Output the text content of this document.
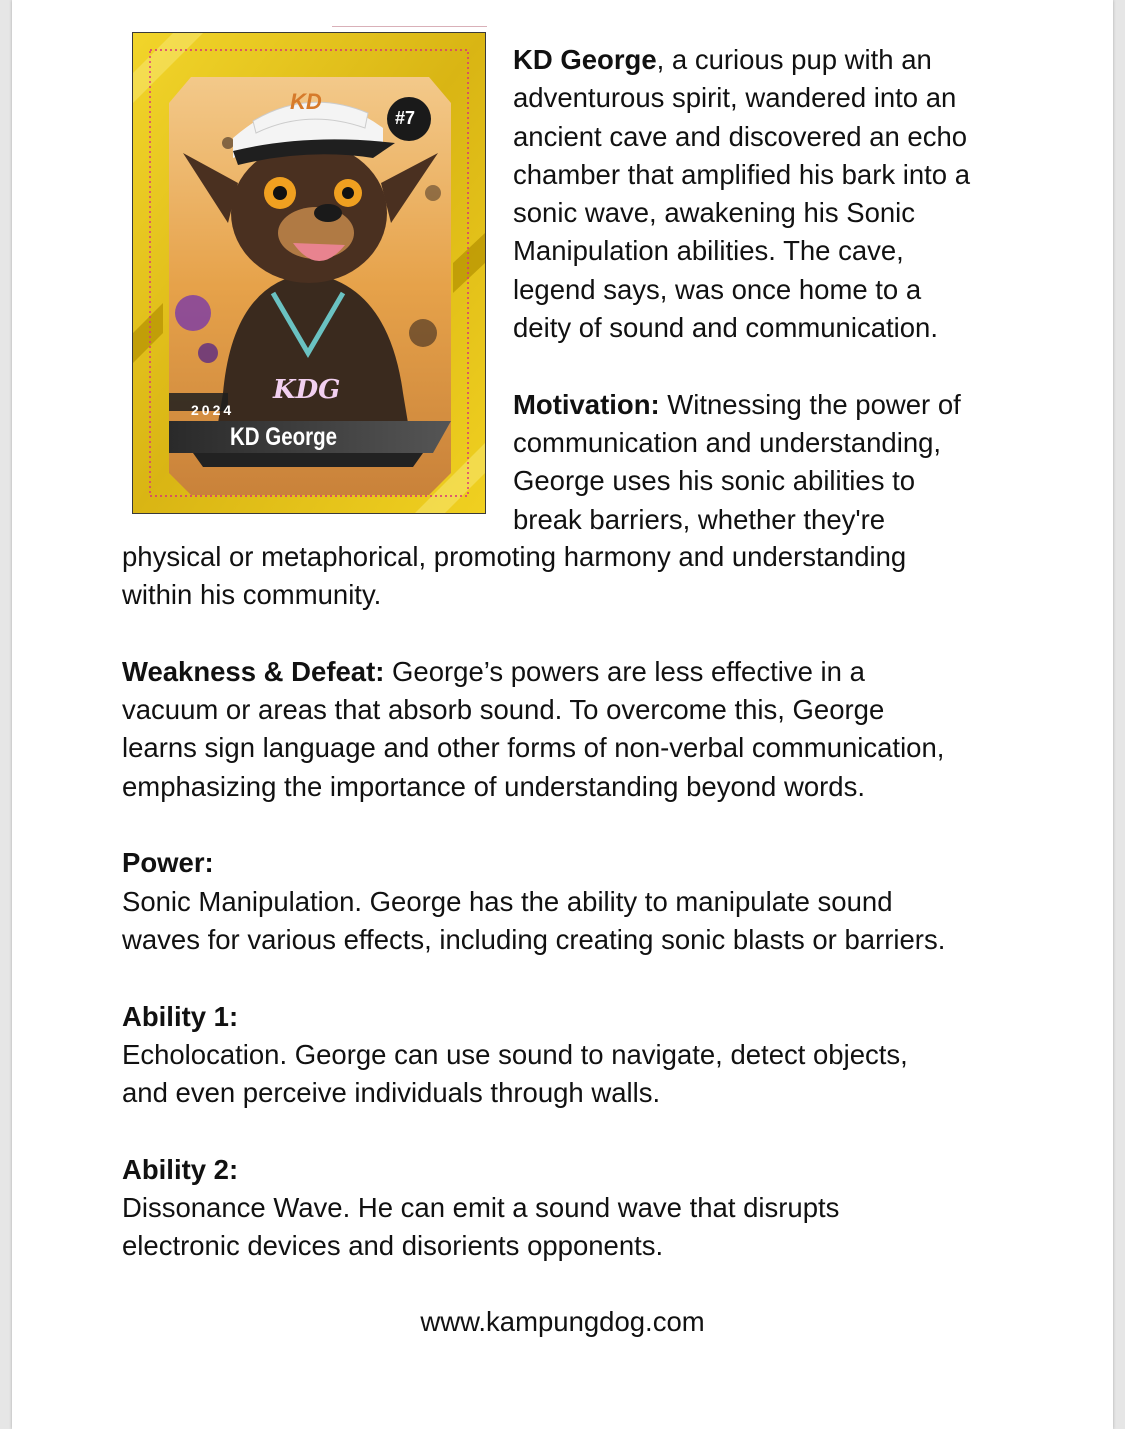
KD
#7
KDG
2024
KD George
KD George, a curious pup with an
adventurous spirit, wandered into an
ancient cave and discovered an echo
chamber that amplified his bark into a
sonic wave, awakening his Sonic
Manipulation abilities. The cave,
legend says, was once home to a
deity of sound and communication.
Motivation: Witnessing the power of
communication and understanding,
George uses his sonic abilities to
break barriers, whether they're
physical or metaphorical, promoting harmony and understanding
within his community.
Weakness & Defeat: George’s powers are less effective in a
vacuum or areas that absorb sound. To overcome this, George
learns sign language and other forms of non-verbal communication,
emphasizing the importance of understanding beyond words.
Power:
Sonic Manipulation. George has the ability to manipulate sound
waves for various effects, including creating sonic blasts or barriers.
Ability 1:
Echolocation. George can use sound to navigate, detect objects,
and even perceive individuals through walls.
Ability 2:
Dissonance Wave. He can emit a sound wave that disrupts
electronic devices and disorients opponents.
www.kampungdog.com
